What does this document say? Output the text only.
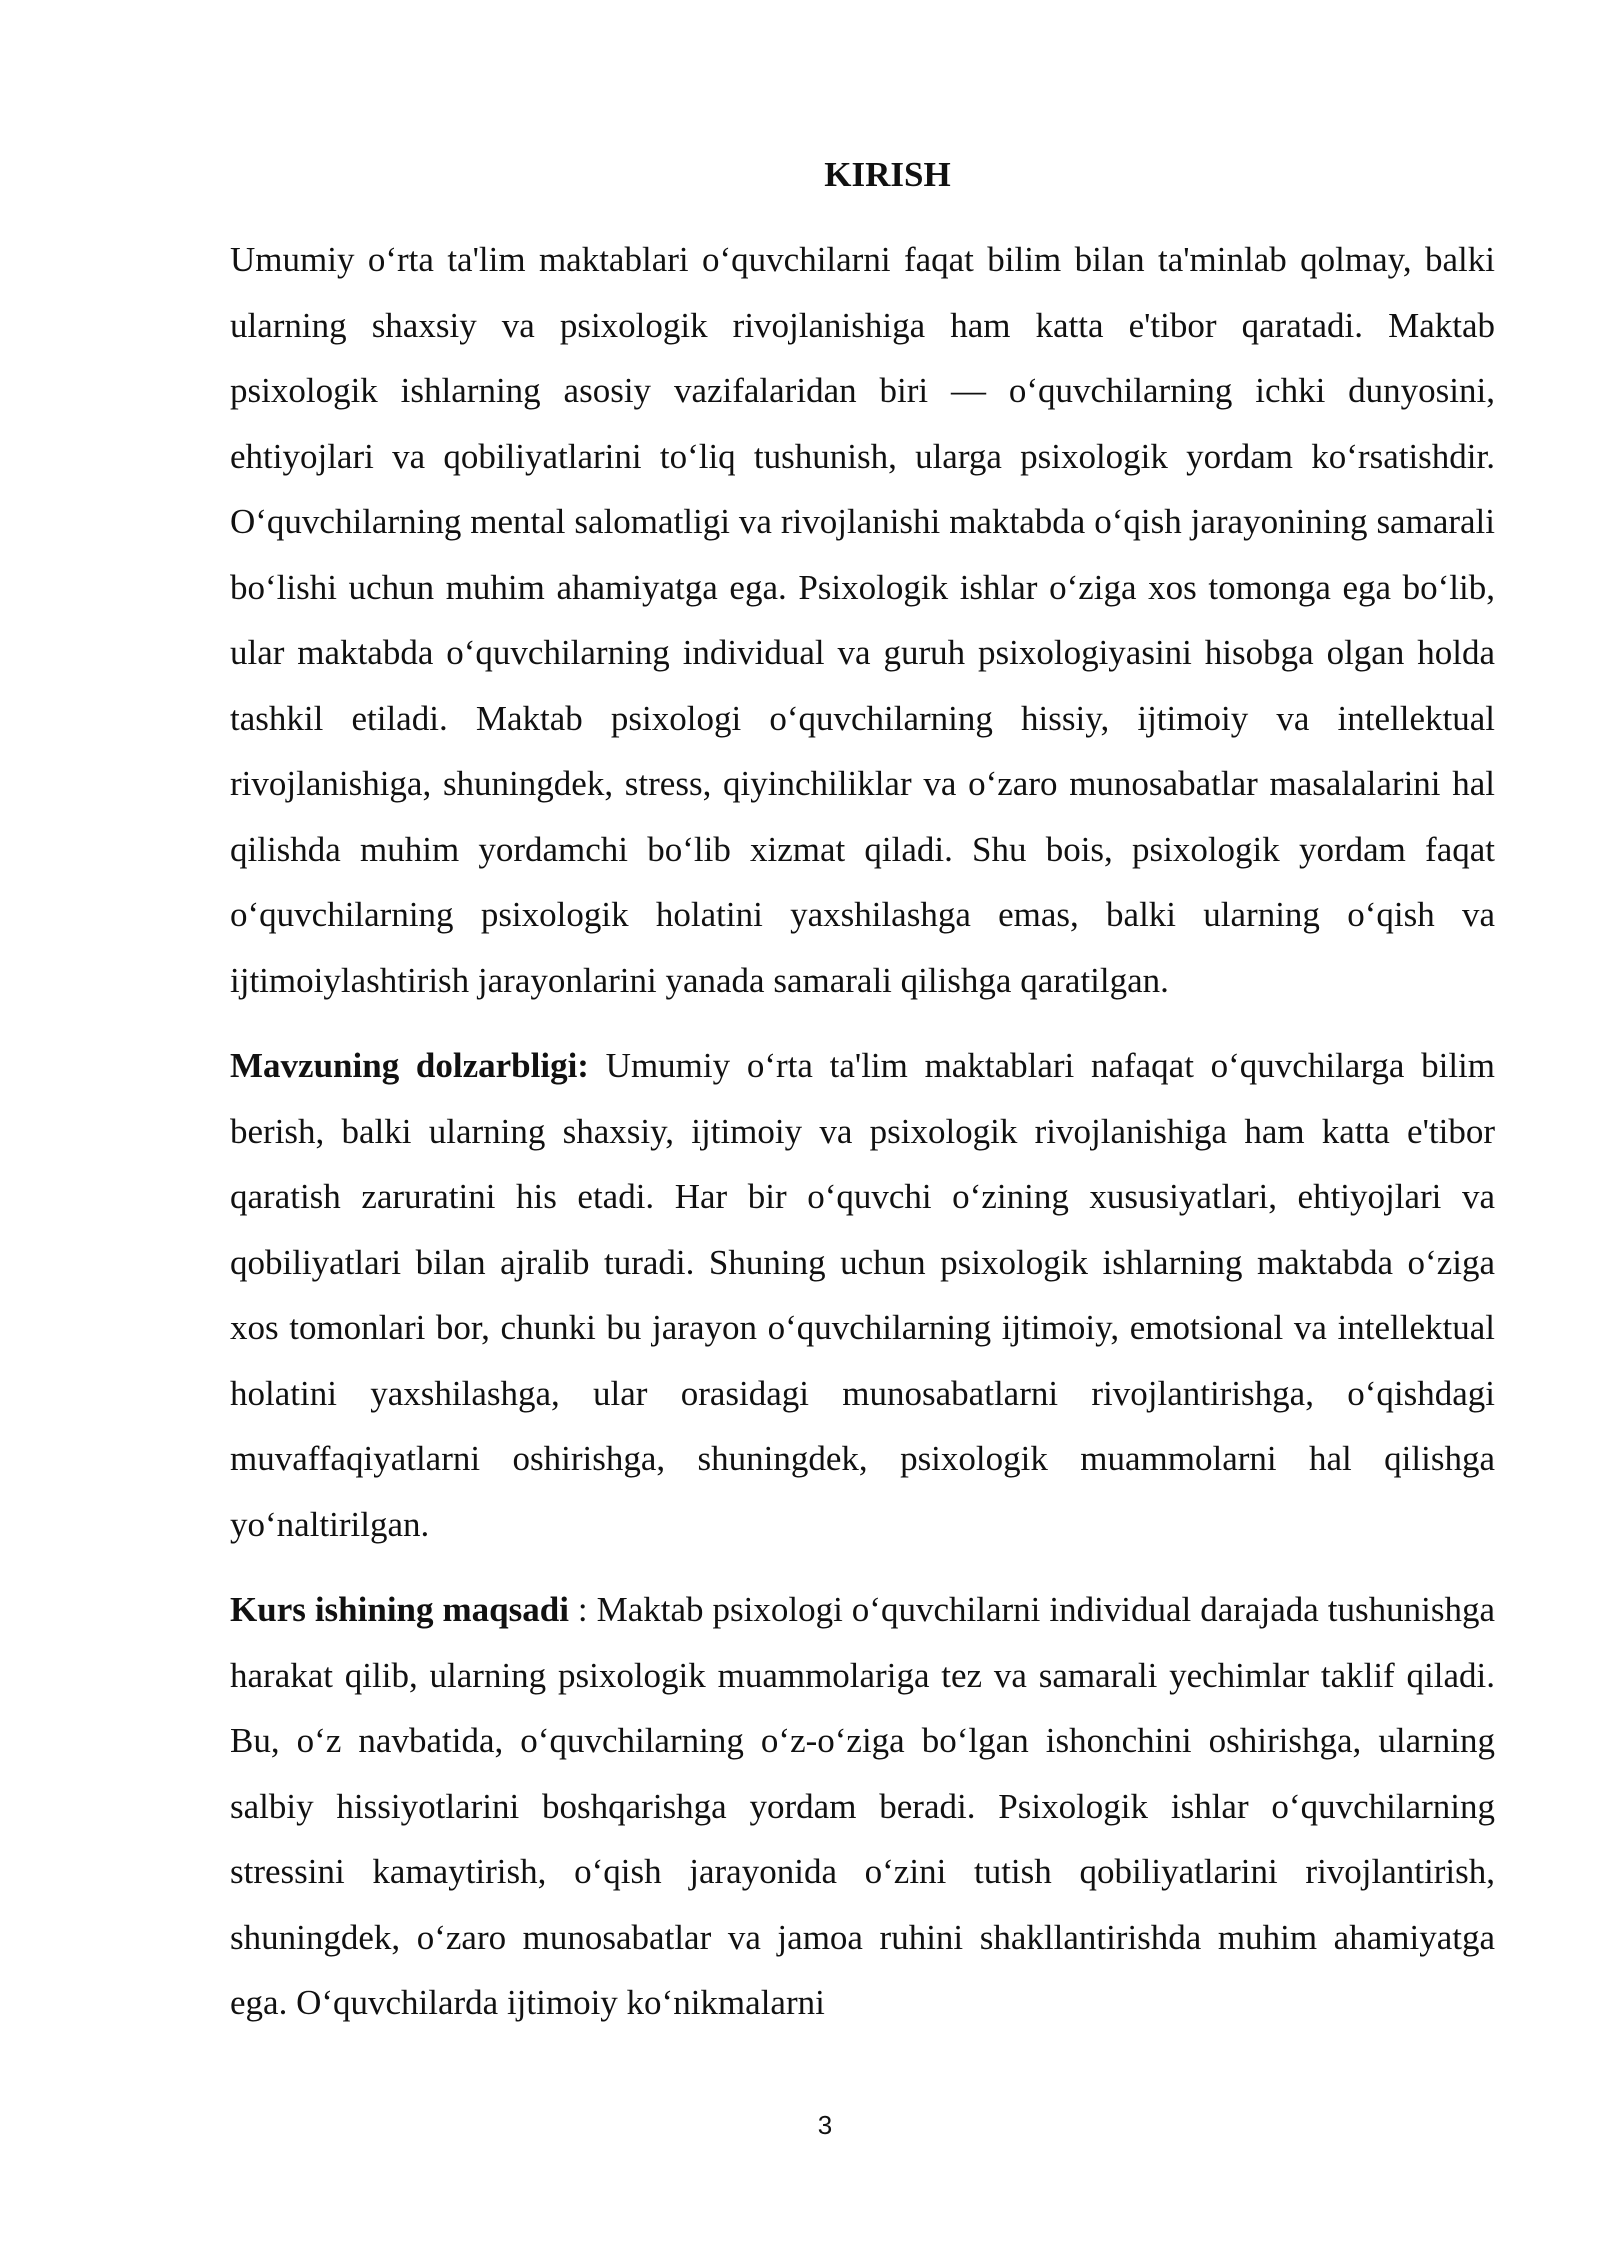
KIRISH

Umumiy o‘rta ta'lim maktablari o‘quvchilarni faqat bilim bilan ta'minlab qolmay, balki ularning shaxsiy va psixologik rivojlanishiga ham katta e'tibor qaratadi. Maktab psixologik ishlarning asosiy vazifalaridan biri — o‘quvchilarning ichki dunyosini, ehtiyojlari va qobiliyatlarini to‘liq tushunish, ularga psixologik yordam ko‘rsatishdir. O‘quvchilarning mental salomatligi va rivojlanishi maktabda o‘qish jarayonining samarali bo‘lishi uchun muhim ahamiyatga ega. Psixologik ishlar o‘ziga xos tomonga ega bo‘lib, ular maktabda o‘quvchilarning individual va guruh psixologiyasini hisobga olgan holda tashkil etiladi. Maktab psixologi o‘quvchilarning hissiy, ijtimoiy va intellektual rivojlanishiga, shuningdek, stress, qiyinchiliklar va o‘zaro munosabatlar masalalarini hal qilishda muhim yordamchi bo‘lib xizmat qiladi. Shu bois, psixologik yordam faqat o‘quvchilarning psixologik holatini yaxshilashga emas, balki ularning o‘qish va ijtimoiylashtirish jarayonlarini yanada samarali qilishga qaratilgan.

Mavzuning dolzarbligi: Umumiy o‘rta ta'lim maktablari nafaqat o‘quvchilarga bilim berish, balki ularning shaxsiy, ijtimoiy va psixologik rivojlanishiga ham katta e'tibor qaratish zaruratini his etadi. Har bir o‘quvchi o‘zining xususiyatlari, ehtiyojlari va qobiliyatlari bilan ajralib turadi. Shuning uchun psixologik ishlarning maktabda o‘ziga xos tomonlari bor, chunki bu jarayon o‘quvchilarning ijtimoiy, emotsional va intellektual holatini yaxshilashga, ular orasidagi munosabatlarni rivojlantirishga, o‘qishdagi muvaffaqiyatlarni oshirishga, shuningdek, psixologik muammolarni hal qilishga yo‘naltirilgan.

Kurs ishining maqsadi : Maktab psixologi o‘quvchilarni individual darajada tushunishga harakat qilib, ularning psixologik muammolariga tez va samarali yechimlar taklif qiladi. Bu, o‘z navbatida, o‘quvchilarning o‘z-o‘ziga bo‘lgan ishonchini oshirishga, ularning salbiy hissiyotlarini boshqarishga yordam beradi. Psixologik ishlar o‘quvchilarning stressini kamaytirish, o‘qish jarayonida o‘zini tutish qobiliyatlarini rivojlantirish, shuningdek, o‘zaro munosabatlar va jamoa ruhini shakllantirishda muhim ahamiyatga ega. O‘quvchilarda ijtimoiy ko‘nikmalarni

3
